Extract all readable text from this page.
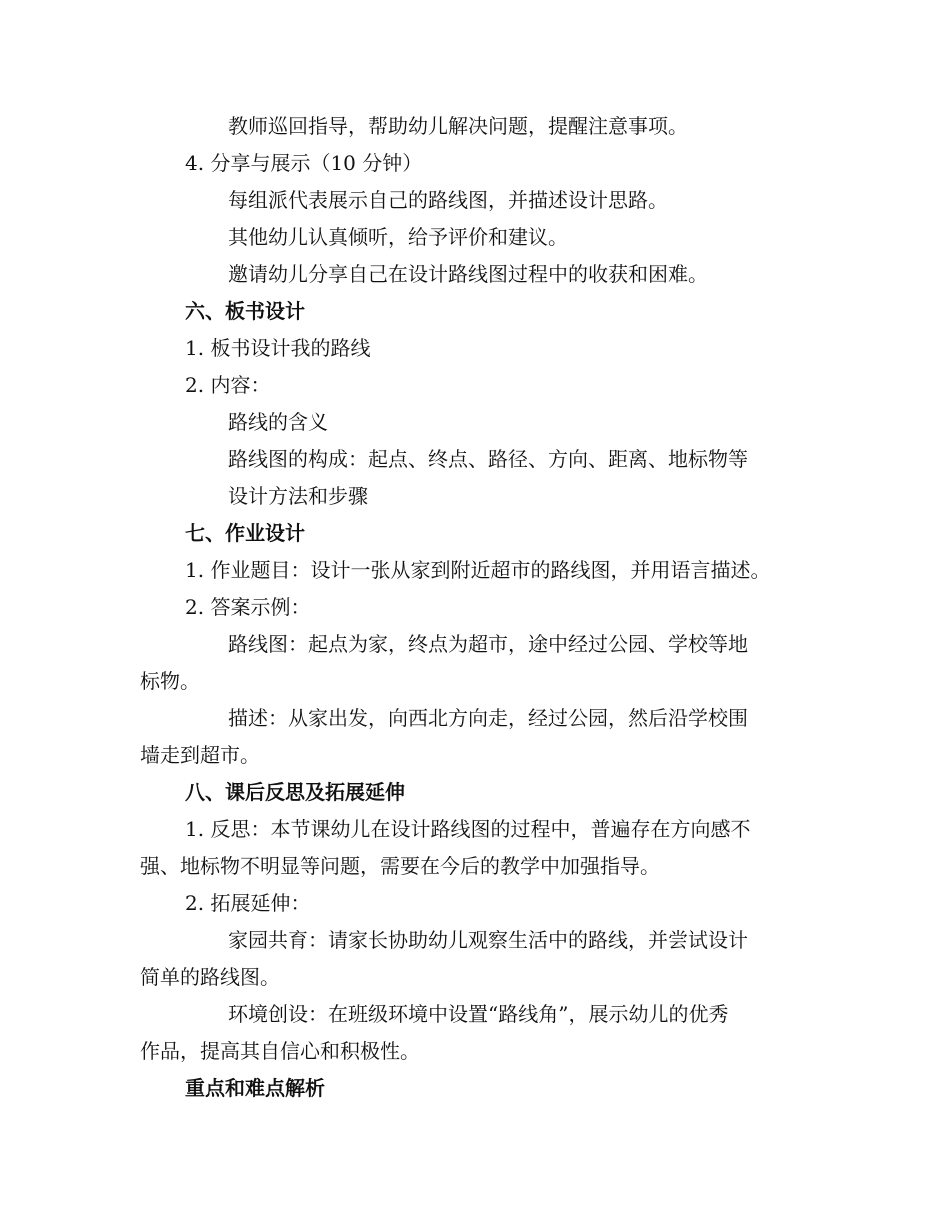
教师巡回指导，帮助幼儿解决问题，提醒注意事项。
4. 分享与展示（10 分钟）
每组派代表展示自己的路线图，并描述设计思路。
其他幼儿认真倾听，给予评价和建议。
邀请幼儿分享自己在设计路线图过程中的收获和困难。
六、板书设计
1. 板书设计我的路线
2. 内容：
路线的含义
路线图的构成：起点、终点、路径、方向、距离、地标物等
设计方法和步骤
七、作业设计
1. 作业题目：设计一张从家到附近超市的路线图，并用语言描述。
2. 答案示例：
路线图：起点为家，终点为超市，途中经过公园、学校等地
标物。
描述：从家出发，向西北方向走，经过公园，然后沿学校围
墙走到超市。
八、课后反思及拓展延伸
1. 反思：本节课幼儿在设计路线图的过程中，普遍存在方向感不
强、地标物不明显等问题，需要在今后的教学中加强指导。
2. 拓展延伸：
家园共育：请家长协助幼儿观察生活中的路线，并尝试设计
简单的路线图。
环境创设：在班级环境中设置“路线角”，展示幼儿的优秀
作品，提高其自信心和积极性。
重点和难点解析
